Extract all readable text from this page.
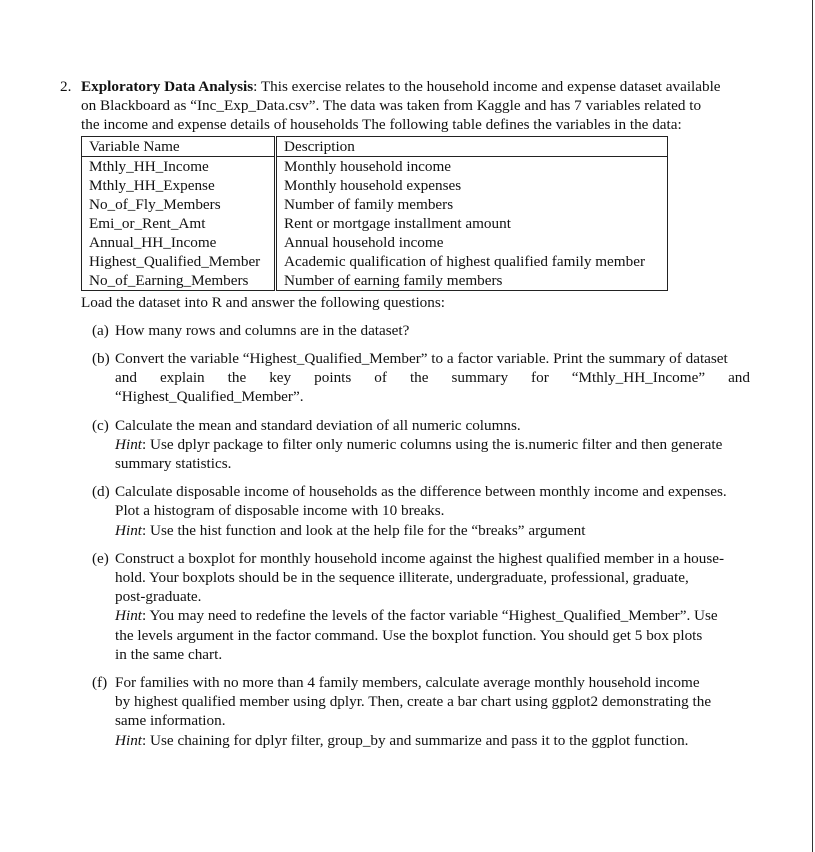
2. Exploratory Data Analysis: This exercise relates to the household income and expense dataset available
on Blackboard as “Inc_Exp_Data.csv”. The data was taken from Kaggle and has 7 variables related to
the income and expense details of households The following table defines the variables in the data:
Variable Name	Description
Mthly_HH_Income	Monthly household income
Mthly_HH_Expense	Monthly household expenses
No_of_Fly_Members	Number of family members
Emi_or_Rent_Amt	Rent or mortgage installment amount
Annual_HH_Income	Annual household income
Highest_Qualified_Member	Academic qualification of highest qualified family member
No_of_Earning_Members	Number of earning family members
Load the dataset into R and answer the following questions:
(a) How many rows and columns are in the dataset?
(b) Convert the variable “Highest_Qualified_Member” to a factor variable. Print the summary of dataset
and explain the key points of the summary for “Mthly_HH_Income” and “Highest_Qualified_Member”.
(c) Calculate the mean and standard deviation of all numeric columns.
Hint: Use dplyr package to filter only numeric columns using the is.numeric filter and then generate
summary statistics.
(d) Calculate disposable income of households as the difference between monthly income and expenses.
Plot a histogram of disposable income with 10 breaks.
Hint: Use the hist function and look at the help file for the “breaks” argument
(e) Construct a boxplot for monthly household income against the highest qualified member in a house-
hold. Your boxplots should be in the sequence illiterate, undergraduate, professional, graduate,
post-graduate.
Hint: You may need to redefine the levels of the factor variable “Highest_Qualified_Member”. Use
the levels argument in the factor command. Use the boxplot function. You should get 5 box plots
in the same chart.
(f) For families with no more than 4 family members, calculate average monthly household income
by highest qualified member using dplyr. Then, create a bar chart using ggplot2 demonstrating the
same information.
Hint: Use chaining for dplyr filter, group_by and summarize and pass it to the ggplot function.
